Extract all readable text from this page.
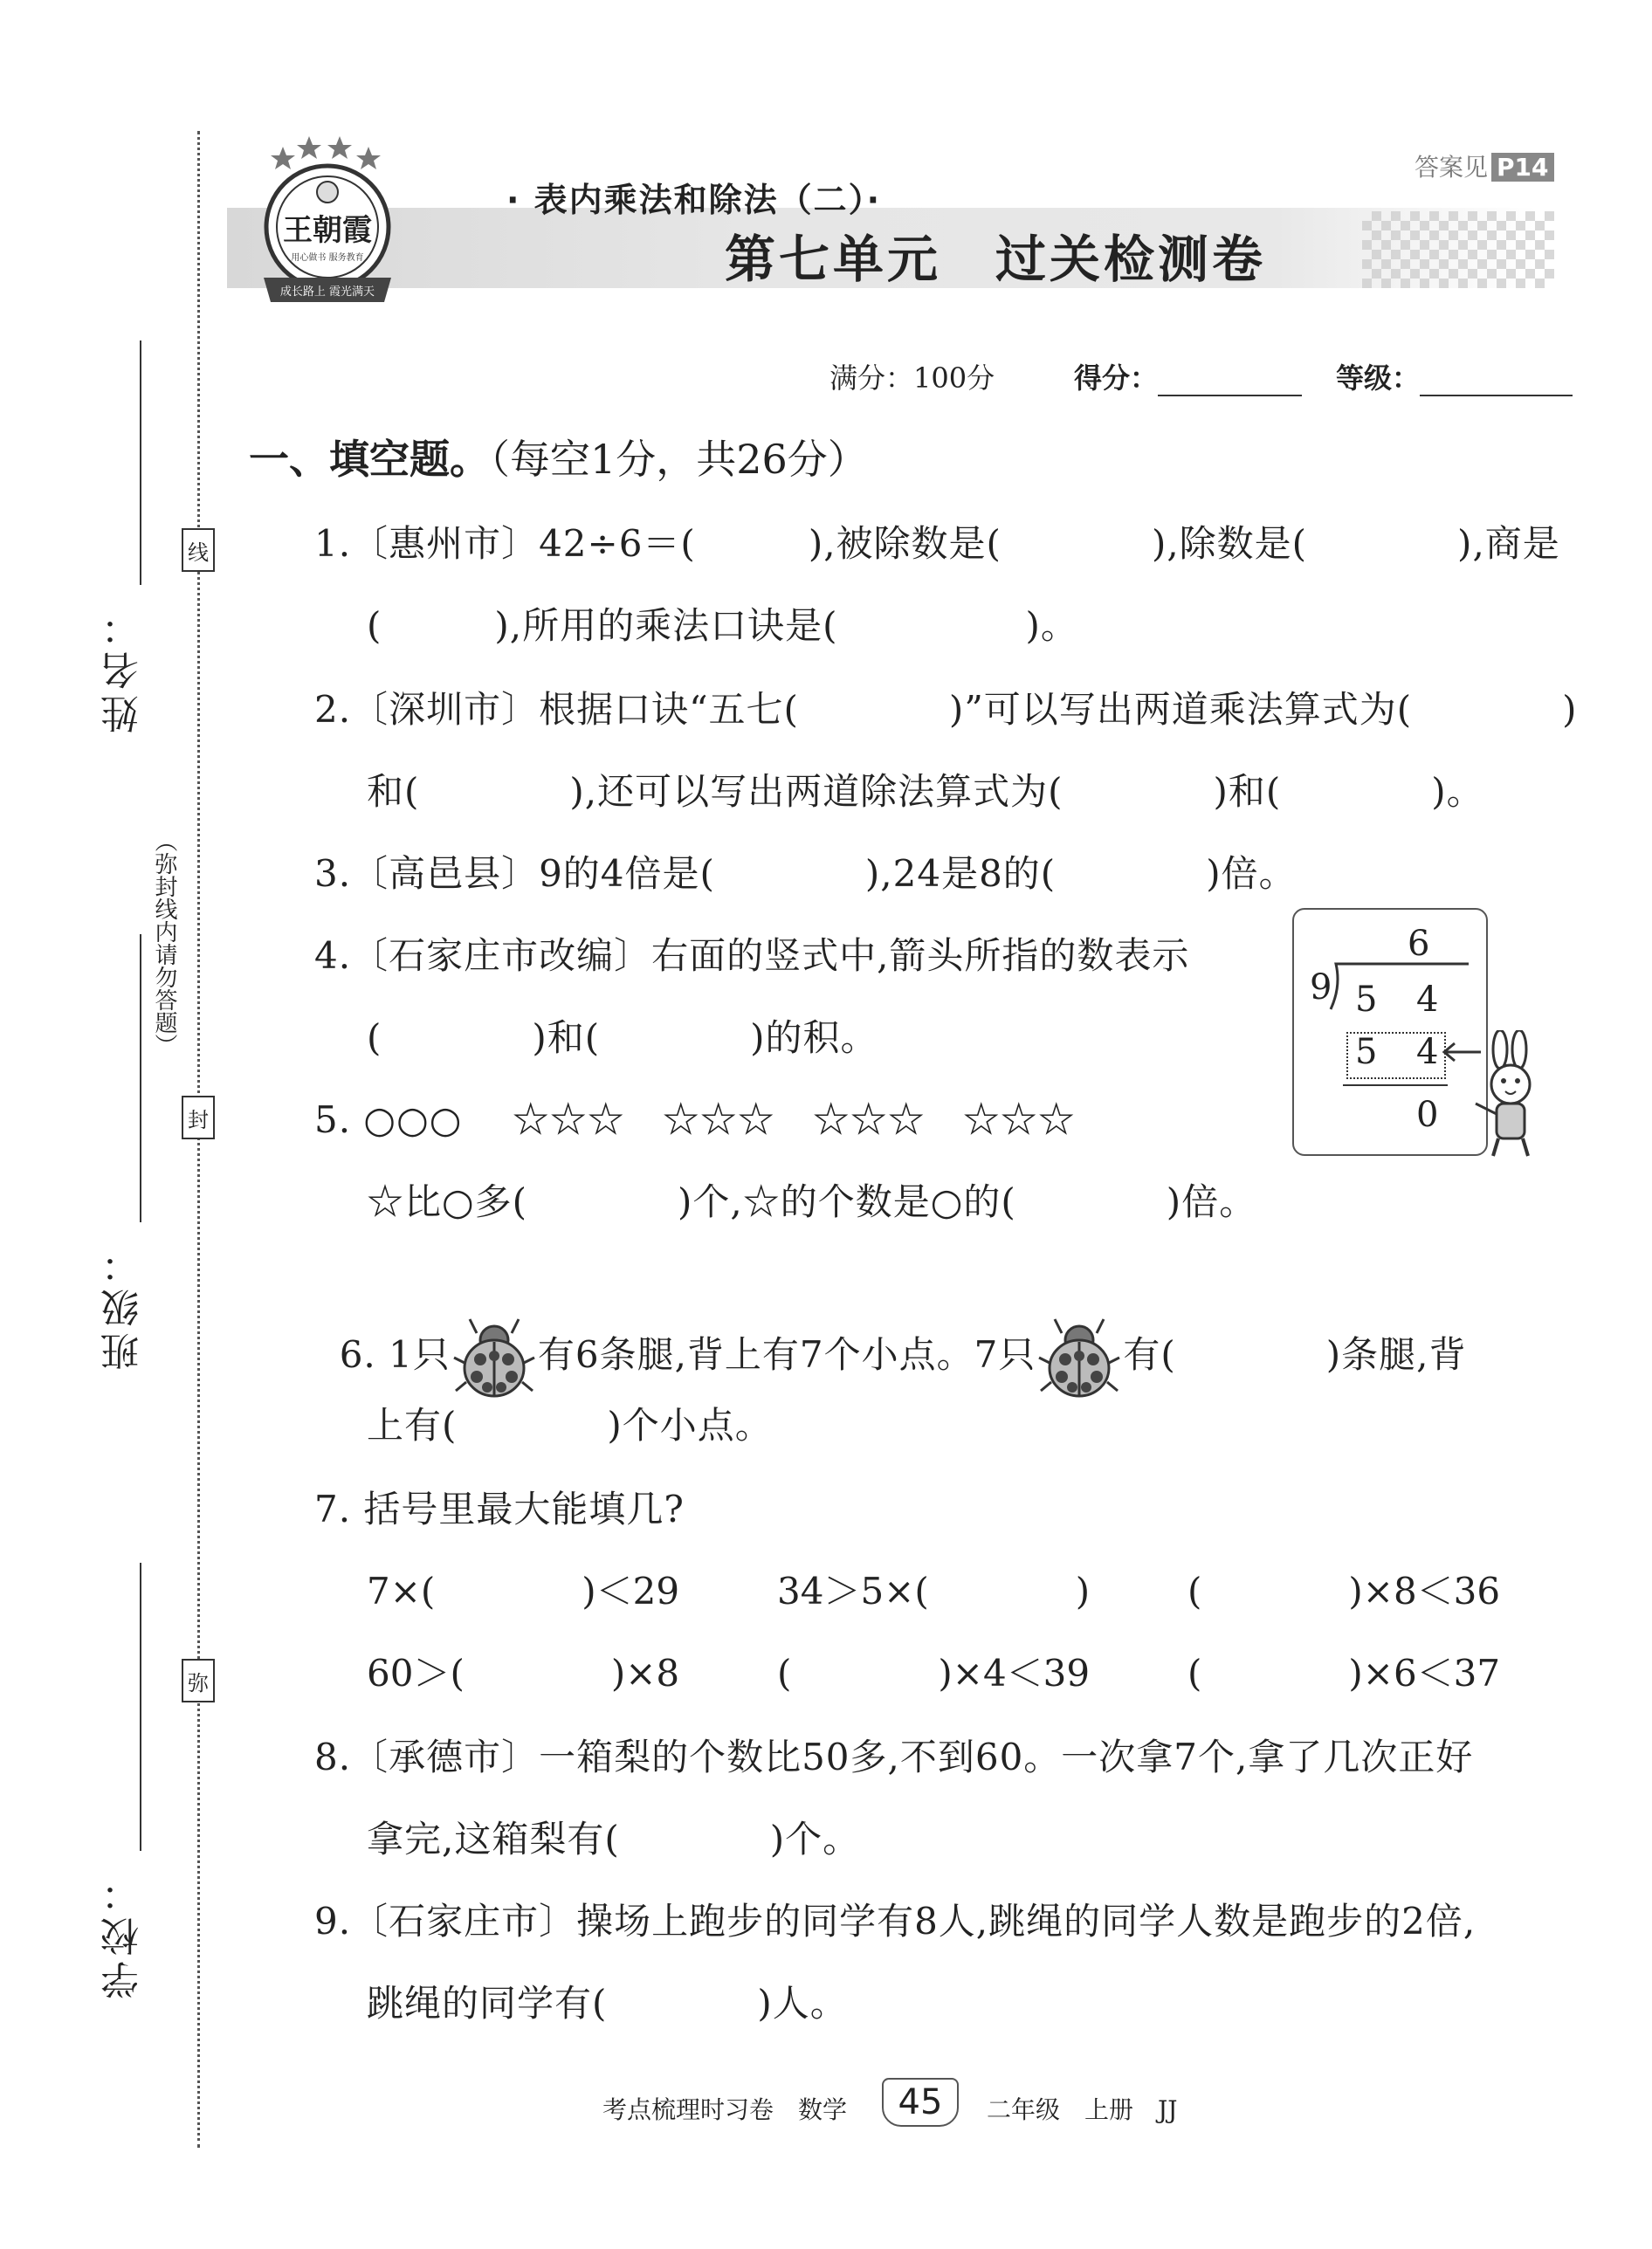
姓名：
线
（弥封线内请勿答题）
封
班级：
弥
学校：
王朝霞
用心做书 服务教育
成长路上 霞光满天
答案见 P14
· 表内乘法和除法（二）·
第七单元　过关检测卷
满分：100分	得分：	等级：
一、填空题。（每空1分，共26分）
1.〔惠州市〕42÷6＝(　　　),被除数是(　　　　),除数是(　　　　),商是
(　　　),所用的乘法口诀是(　　　　　)。
2.〔深圳市〕根据口诀“五七(　　　　)”可以写出两道乘法算式为(　　　　)
和(　　　　),还可以写出两道除法算式为(　　　　)和(　　　　)。
3.〔高邑县〕9的4倍是(　　　　),24是8的(　　　　)倍。
4.〔石家庄市改编〕右面的竖式中,箭头所指的数表示
(　　　　)和(　　　　)的积。
5. ○○○　 ☆☆☆　☆☆☆　☆☆☆　☆☆☆
☆比○多(　　　　)个,☆的个数是○的(　　　　)倍。

6. 1只 有6条腿,背上有7个小点。7只 有(　　　　)条腿,背

上有(　　　　)个小点。
7. 括号里最大能填几?
7×(　　　　)＜29	34＞5×(　　　　)	(　　　　)×8＜36
60＞(　　　　)×8	(　　　　)×4＜39	(　　　　)×6＜37
8.〔承德市〕一箱梨的个数比50多,不到60。一次拿7个,拿了几次正好
拿完,这箱梨有(　　　　)个。
9.〔石家庄市〕操场上跑步的同学有8人,跳绳的同学人数是跑步的2倍,
跳绳的同学有(　　　　)人。
6
9 5 4
5 4
0
考点梳理时习卷　数学	45	二年级　上册　JJ
